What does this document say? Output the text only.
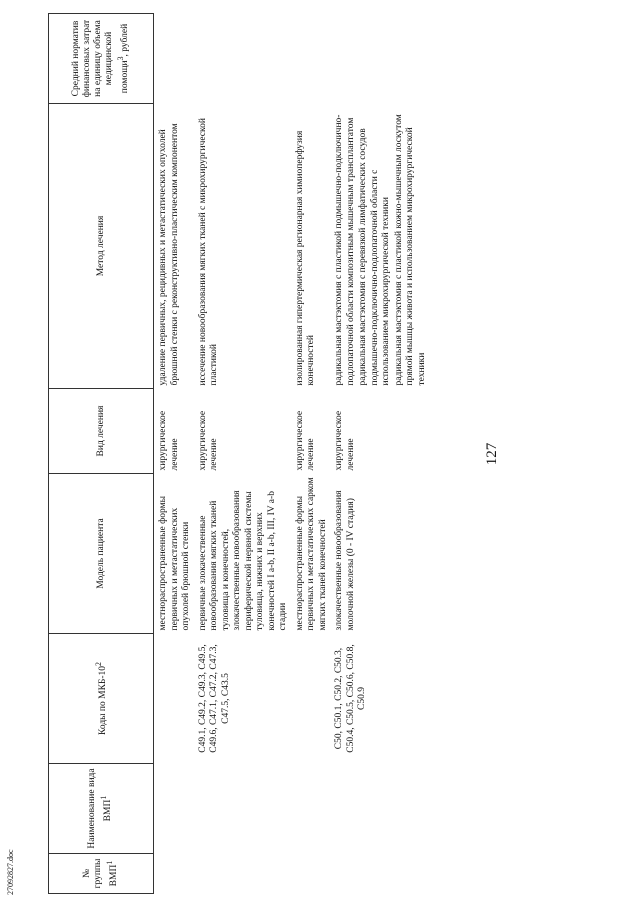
№ группы ВМП$^1$	Наименование вида ВМП$^1$	Коды по МКБ-$10^2$	Модель пациента	Вид лечения	Метод лечения	Средний норматив финансовых затрат на единицу объема медицинской помощи$^3$, рублей
			местнораспространенные формы первичных и метастатических опухолей брюшной стенки	хирургическое лечение	удаление первичных, рецидивных и метастатических опухолей брюшной стенки с реконструктивно-пластическим компонентом	

		C49.1, C49.2, C49.3, C49.5, C49.6, C47.1, C47.2, C47.3, C47.5, C43.5	первичные злокачественные новообразования мягких тканей туловища и конечностей, злокачественные новообразования периферической нервной системы туловища, нижних и верхних конечностей I a-b, II a-b, III, IV a-b стадии	хирургическое лечение	иссечение новообразования мягких тканей с микрохирургической пластикой	

			местнораспространенные формы первичных и метастатических сарком мягких тканей конечностей	хирургическое лечение	изолированная гипертермическая регионарная химиоперфузия конечностей	

		C50, C50.1, C50.2, C50.3, C50.4, C50.5, C50.6, C50.8, C50.9	злокачественные новообразования молочной железы (0 - IV стадия)	хирургическое лечение	радикальная мастэктомия с пластикой подмышечно-подключично-подлопаточной области композитным мышечным трансплантатом радикальная мастэктомия с перевязкой лимфатических сосудов подмышечно-подключично-подлопаточной области с использованием микрохирургической техники радикальная мастэктомия с пластикой кожно-мышечным лоскутом прямой мышцы живота и использованием микрохирургической техники	

127
27092827.doc
